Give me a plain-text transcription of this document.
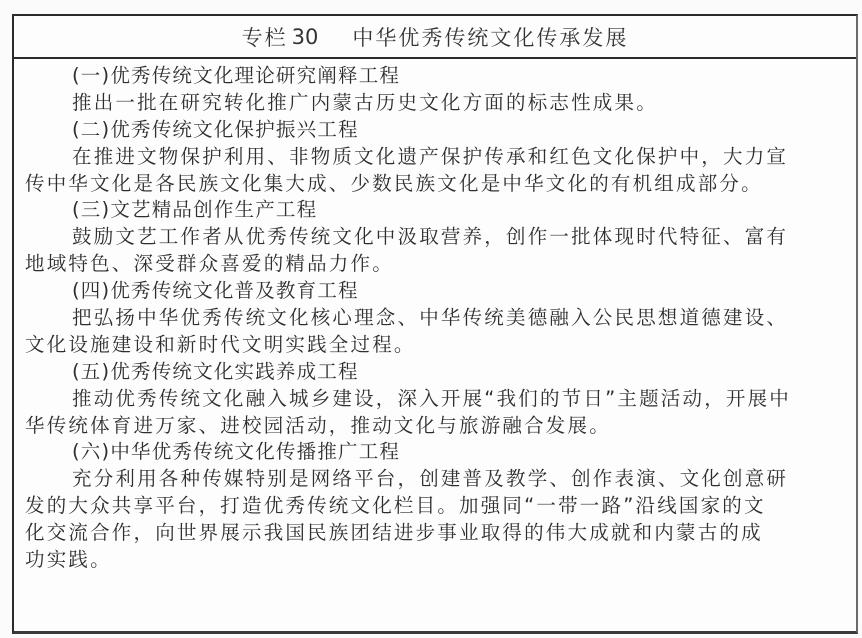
专栏 30 中华优秀传统文化传承发展
(一)优秀传统文化理论研究阐释工程
推出一批在研究转化推广内蒙古历史文化方面的标志性成果。
(二)优秀传统文化保护振兴工程
在推进文物保护利用、非物质文化遗产保护传承和红色文化保护中，大力宣
传中华文化是各民族文化集大成、少数民族文化是中华文化的有机组成部分。
(三)文艺精品创作生产工程
鼓励文艺工作者从优秀传统文化中汲取营养，创作一批体现时代特征、富有
地域特色、深受群众喜爱的精品力作。
(四)优秀传统文化普及教育工程
把弘扬中华优秀传统文化核心理念、中华传统美德融入公民思想道德建设、
文化设施建设和新时代文明实践全过程。
(五)优秀传统文化实践养成工程
推动优秀传统文化融入城乡建设，深入开展“我们的节日”主题活动，开展中
华传统体育进万家、进校园活动，推动文化与旅游融合发展。
(六)中华优秀传统文化传播推广工程
充分利用各种传媒特别是网络平台，创建普及教学、创作表演、文化创意研
发的大众共享平台，打造优秀传统文化栏目。加强同“一带一路”沿线国家的文
化交流合作，向世界展示我国民族团结进步事业取得的伟大成就和内蒙古的成
功实践。
